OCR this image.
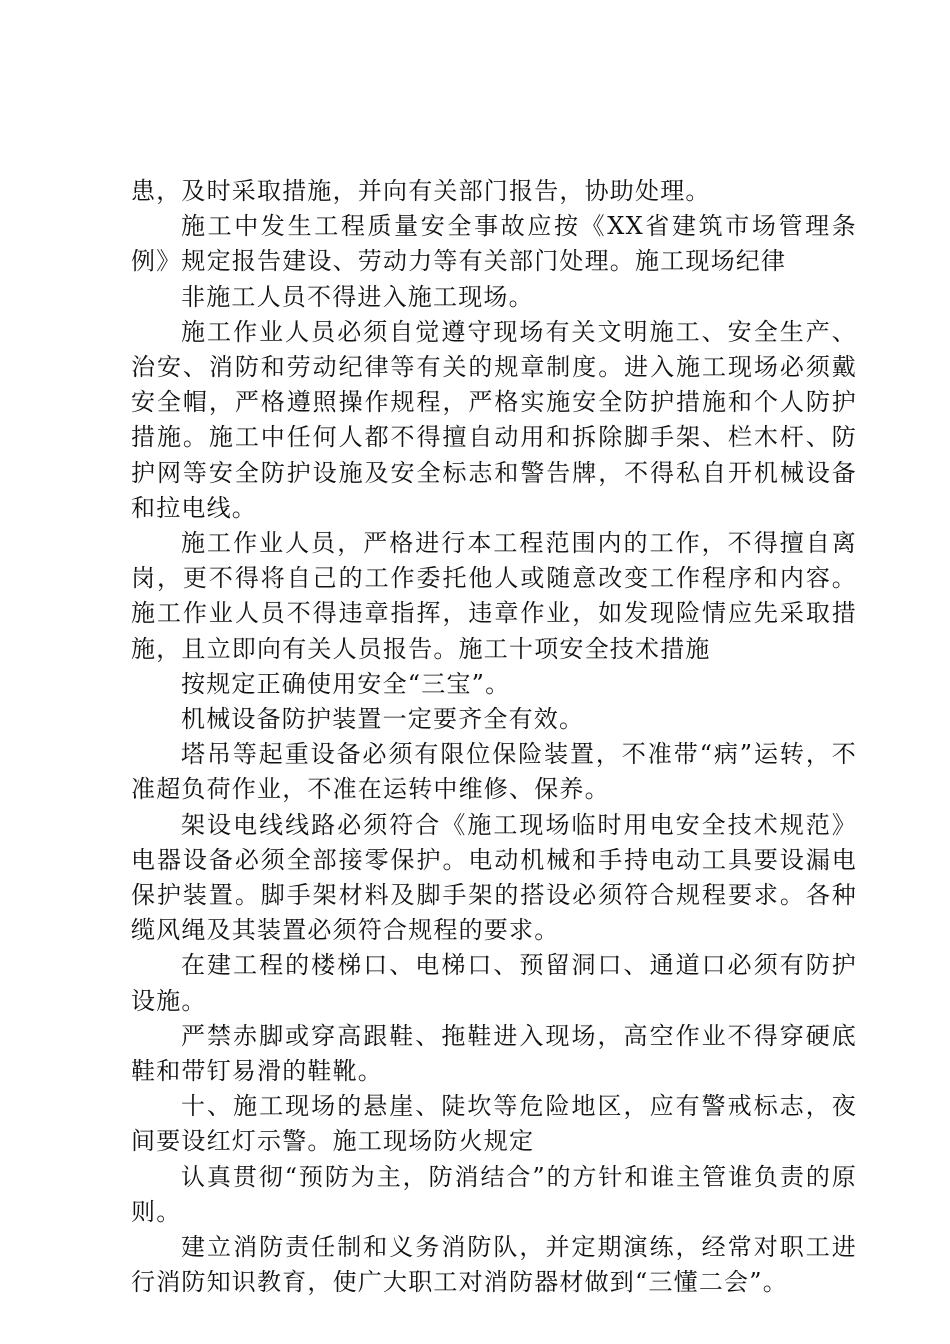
患，及时采取措施，并向有关部门报告，协助处理。

施工中发生工程质量安全事故应按《XX省建筑市场管理条例》规定报告建设、劳动力等有关部门处理。施工现场纪律

非施工人员不得进入施工现场。

施工作业人员必须自觉遵守现场有关文明施工、安全生产、治安、消防和劳动纪律等有关的规章制度。进入施工现场必须戴安全帽，严格遵照操作规程，严格实施安全防护措施和个人防护措施。施工中任何人都不得擅自动用和拆除脚手架、栏木杆、防护网等安全防护设施及安全标志和警告牌，不得私自开机械设备和拉电线。

施工作业人员，严格进行本工程范围内的工作，不得擅自离岗，更不得将自己的工作委托他人或随意改变工作程序和内容。施工作业人员不得违章指挥，违章作业，如发现险情应先采取措施，且立即向有关人员报告。施工十项安全技术措施

按规定正确使用安全“三宝”。

机械设备防护装置一定要齐全有效。

塔吊等起重设备必须有限位保险装置，不准带“病”运转，不准超负荷作业，不准在运转中维修、保养。

架设电线线路必须符合《施工现场临时用电安全技术规范》电器设备必须全部接零保护。电动机械和手持电动工具要设漏电保护装置。脚手架材料及脚手架的搭设必须符合规程要求。各种缆风绳及其装置必须符合规程的要求。

在建工程的楼梯口、电梯口、预留洞口、通道口必须有防护设施。

严禁赤脚或穿高跟鞋、拖鞋进入现场，高空作业不得穿硬底鞋和带钉易滑的鞋靴。

十、施工现场的悬崖、陡坎等危险地区，应有警戒标志，夜间要设红灯示警。施工现场防火规定

认真贯彻“预防为主，防消结合”的方针和谁主管谁负责的原则。

建立消防责任制和义务消防队，并定期演练，经常对职工进行消防知识教育，使广大职工对消防器材做到“三懂二会”。
